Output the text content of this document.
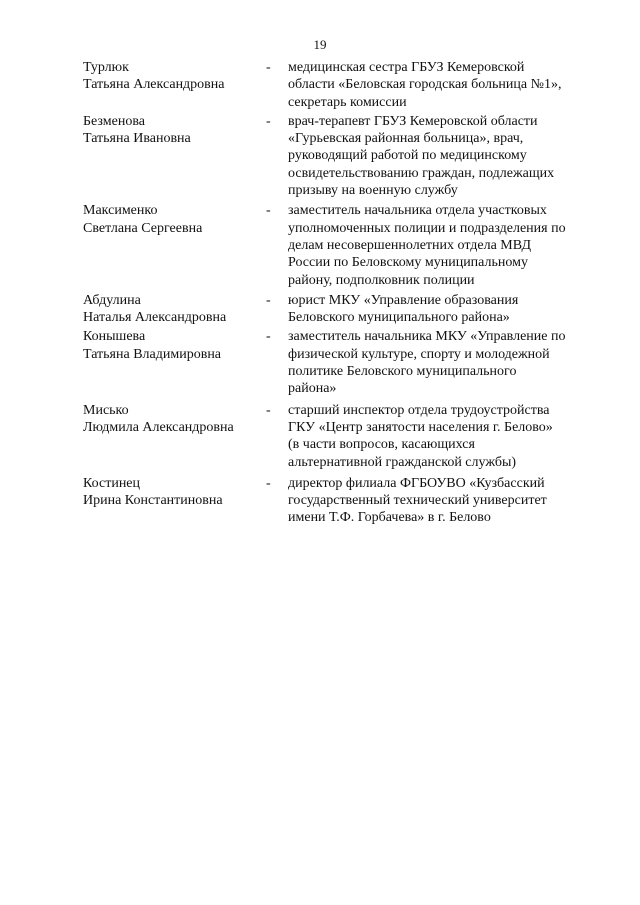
19
Турлюк
Татьяна Александровна
- медицинская сестра ГБУЗ Кемеровской
области «Беловская городская больница №1»,
секретарь комиссии
Безменова
Татьяна Ивановна
- врач-терапевт ГБУЗ Кемеровской области
«Гурьевская районная больница», врач,
руководящий работой по медицинскому
освидетельствованию граждан, подлежащих
призыву на военную службу
Максименко
Светлана Сергеевна
- заместитель начальника отдела участковых
уполномоченных полиции и подразделения по
делам несовершеннолетних отдела МВД
России по Беловскому муниципальному
району, подполковник полиции
Абдулина
Наталья Александровна
- юрист МКУ «Управление образования
Беловского муниципального района»
Конышева
Татьяна Владимировна
- заместитель начальника МКУ «Управление по
физической культуре, спорту и молодежной
политике Беловского муниципального
района»
Мисько
Людмила Александровна
- старший инспектор отдела трудоустройства
ГКУ «Центр занятости населения г. Белово»
(в части вопросов, касающихся
альтернативной гражданской службы)
Костинец
Ирина Константиновна
- директор филиала ФГБОУВО «Кузбасский
государственный технический университет
имени Т.Ф. Горбачева» в г. Белово
